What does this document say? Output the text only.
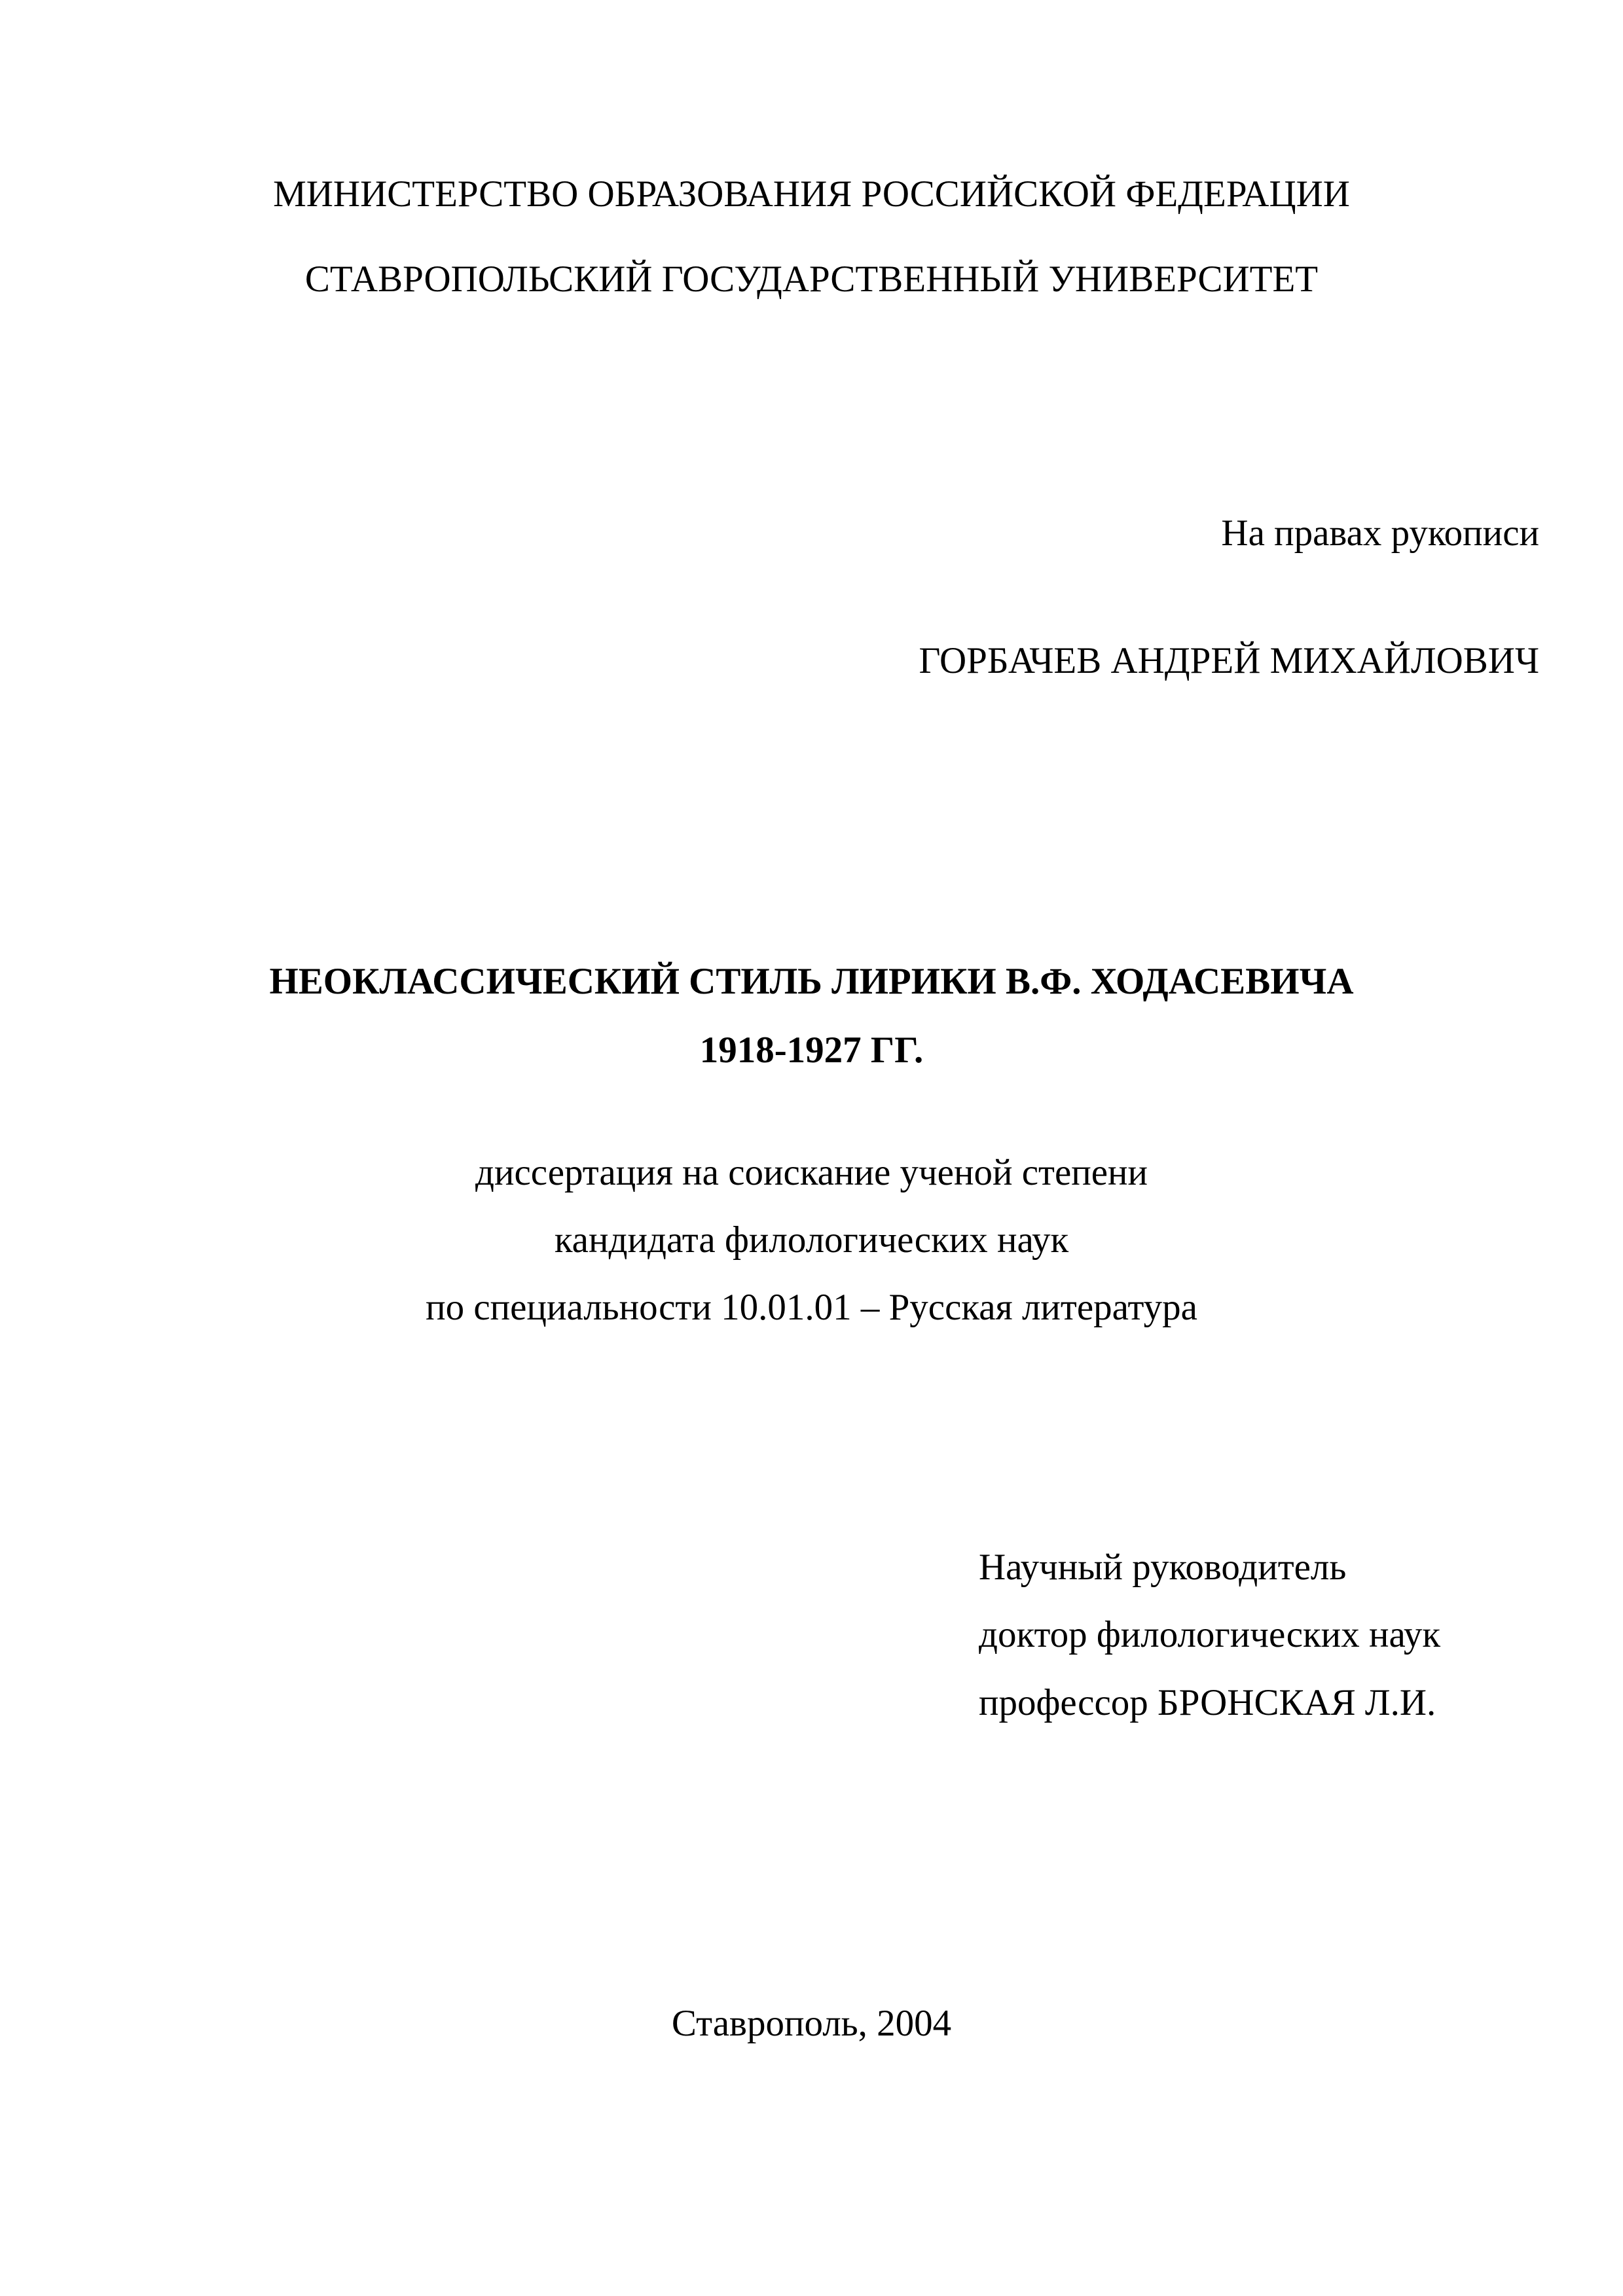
МИНИСТЕРСТВО ОБРАЗОВАНИЯ РОССИЙСКОЙ ФЕДЕРАЦИИ

СТАВРОПОЛЬСКИЙ ГОСУДАРСТВЕННЫЙ УНИВЕРСИТЕТ

На правах рукописи

ГОРБАЧЕВ АНДРЕЙ МИХАЙЛОВИЧ

НЕОКЛАССИЧЕСКИЙ СТИЛЬ ЛИРИКИ В.Ф. ХОДАСЕВИЧА

1918-1927 ГГ.

диссертация на соискание ученой степени

кандидата филологических наук

по специальности 10.01.01 – Русская литература

Научный руководитель

доктор филологических наук

профессор БРОНСКАЯ Л.И.

Ставрополь, 2004
